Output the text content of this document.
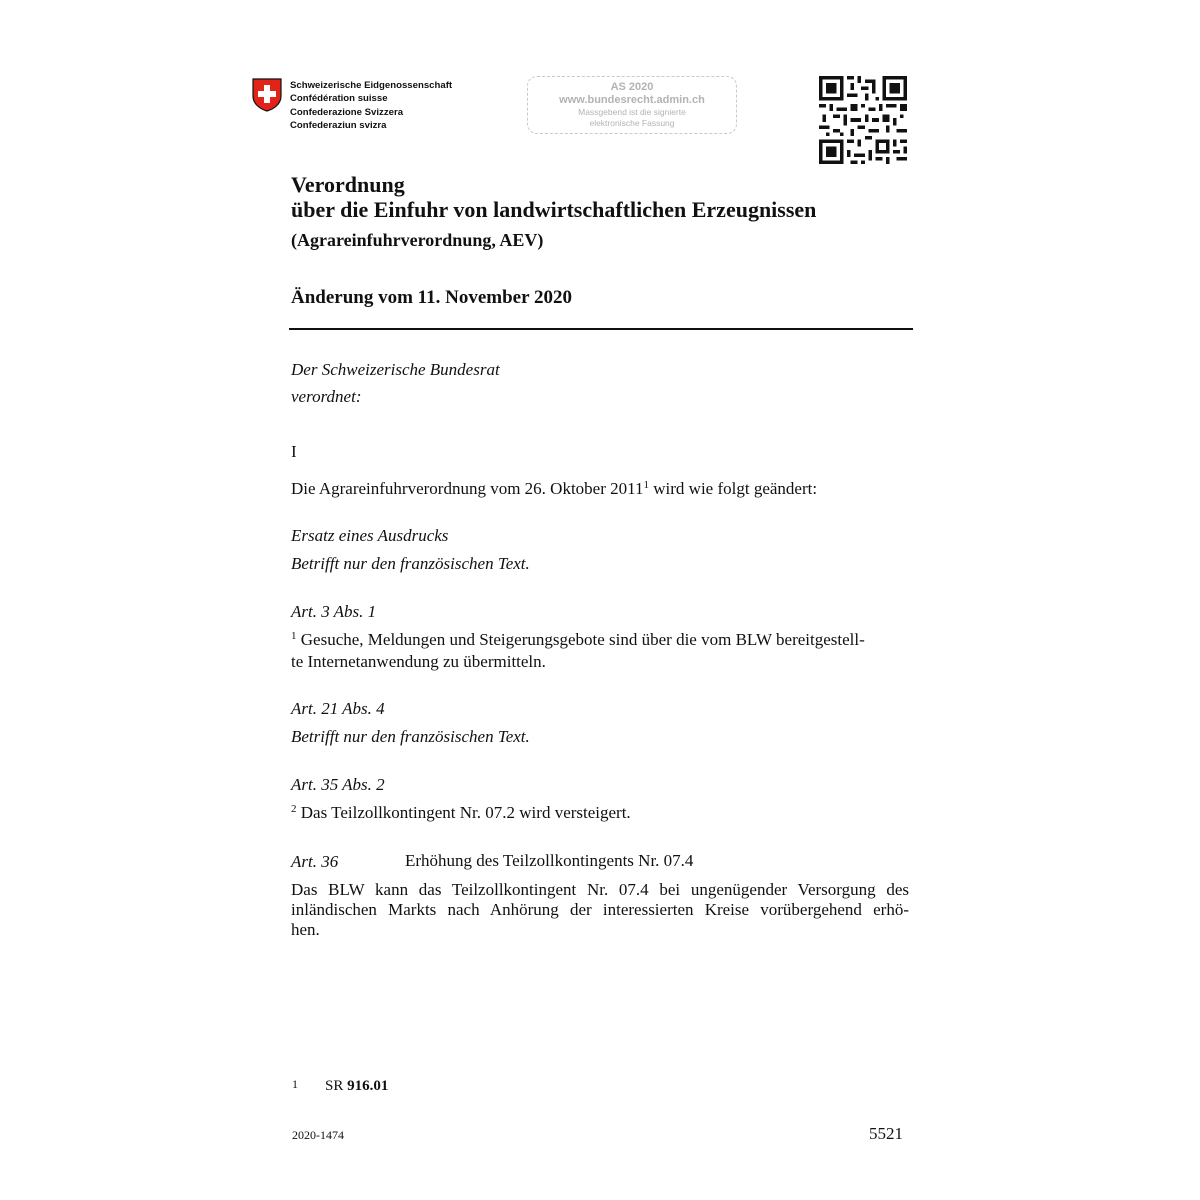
Schweizerische Eidgenossenschaft
Confédération suisse
Confederazione Svizzera
Confederaziun svizra
AS 2020
www.bundesrecht.admin.ch
Massgebend ist die signierte
elektronische Fassung
Verordnung
über die Einfuhr von landwirtschaftlichen Erzeugnissen
(Agrareinfuhrverordnung, AEV)
Änderung vom 11. November 2020
Der Schweizerische Bundesrat
verordnet:
I
Die Agrareinfuhrverordnung vom 26. Oktober 2011$^1$ wird wie folgt geändert:
Ersatz eines Ausdrucks
Betrifft nur den französischen Text.
Art. 3 Abs. 1
$^1$ Gesuche, Meldungen und Steigerungsgebote sind über die vom BLW bereitgestell-
te Internetanwendung zu übermitteln.
Art. 21 Abs. 4
Betrifft nur den französischen Text.
Art. 35 Abs. 2
$^2$ Das Teilzollkontingent Nr. 07.2 wird versteigert.
Art. 36	Erhöhung des Teilzollkontingents Nr. 07.4
Das BLW kann das Teilzollkontingent Nr. 07.4 bei ungenügender Versorgung des
inländischen Markts nach Anhörung der interessierten Kreise vorübergehend erhö-
hen.
1 SR 916.01
2020-1474	5521
